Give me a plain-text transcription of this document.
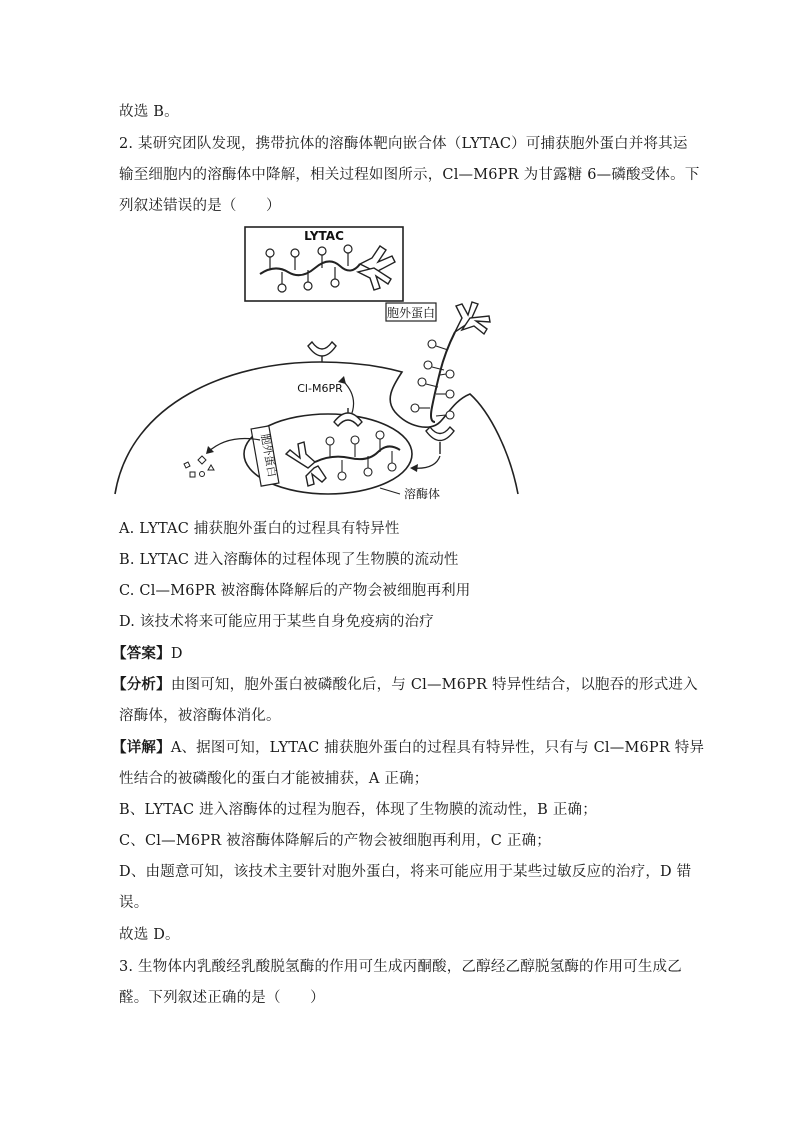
故选 B。
2. 某研究团队发现，携带抗体的溶酶体靶向嵌合体（LYTAC）可捕获胞外蛋白并将其运
输至细胞内的溶酶体中降解，相关过程如图所示，Cl—M6PR 为甘露糖 6—磷酸受体。下
列叙述错误的是（　　）
LYTAC
胞外蛋白
Cl-M6PR
胞外蛋白
溶酶体
A. LYTAC 捕获胞外蛋白的过程具有特异性
B. LYTAC 进入溶酶体的过程体现了生物膜的流动性
C. Cl—M6PR 被溶酶体降解后的产物会被细胞再利用
D. 该技术将来可能应用于某些自身免疫病的治疗
【答案】D
【分析】由图可知，胞外蛋白被磷酸化后，与 Cl—M6PR 特异性结合，以胞吞的形式进入
溶酶体，被溶酶体消化。
【详解】A、据图可知，LYTAC 捕获胞外蛋白的过程具有特异性，只有与 Cl—M6PR 特异
性结合的被磷酸化的蛋白才能被捕获，A 正确；
B、LYTAC 进入溶酶体的过程为胞吞，体现了生物膜的流动性，B 正确；
C、Cl—M6PR 被溶酶体降解后的产物会被细胞再利用，C 正确；
D、由题意可知，该技术主要针对胞外蛋白，将来可能应用于某些过敏反应的治疗，D 错
误。
故选 D。
3. 生物体内乳酸经乳酸脱氢酶的作用可生成丙酮酸，乙醇经乙醇脱氢酶的作用可生成乙
醛。下列叙述正确的是（　　）
